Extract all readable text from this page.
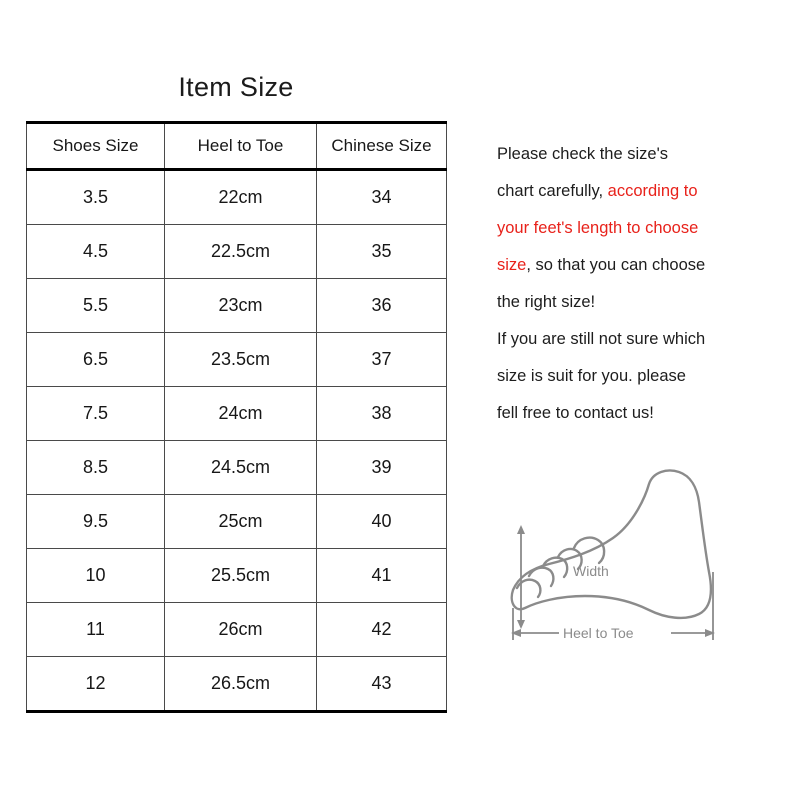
Item Size
Shoes Size	Heel to Toe	Chinese Size
3.5	22cm	34
4.5	22.5cm	35
5.5	23cm	36
6.5	23.5cm	37
7.5	24cm	38
8.5	24.5cm	39
9.5	25cm	40
10	25.5cm	41
11	26cm	42
12	26.5cm	43

Please check the size's

chart carefully, according to

your feet's length to choose

size, so that you can choose

the right size!

If you are still not sure which

size is suit for you. please

fell free to contact us!

Width
Heel to Toe
